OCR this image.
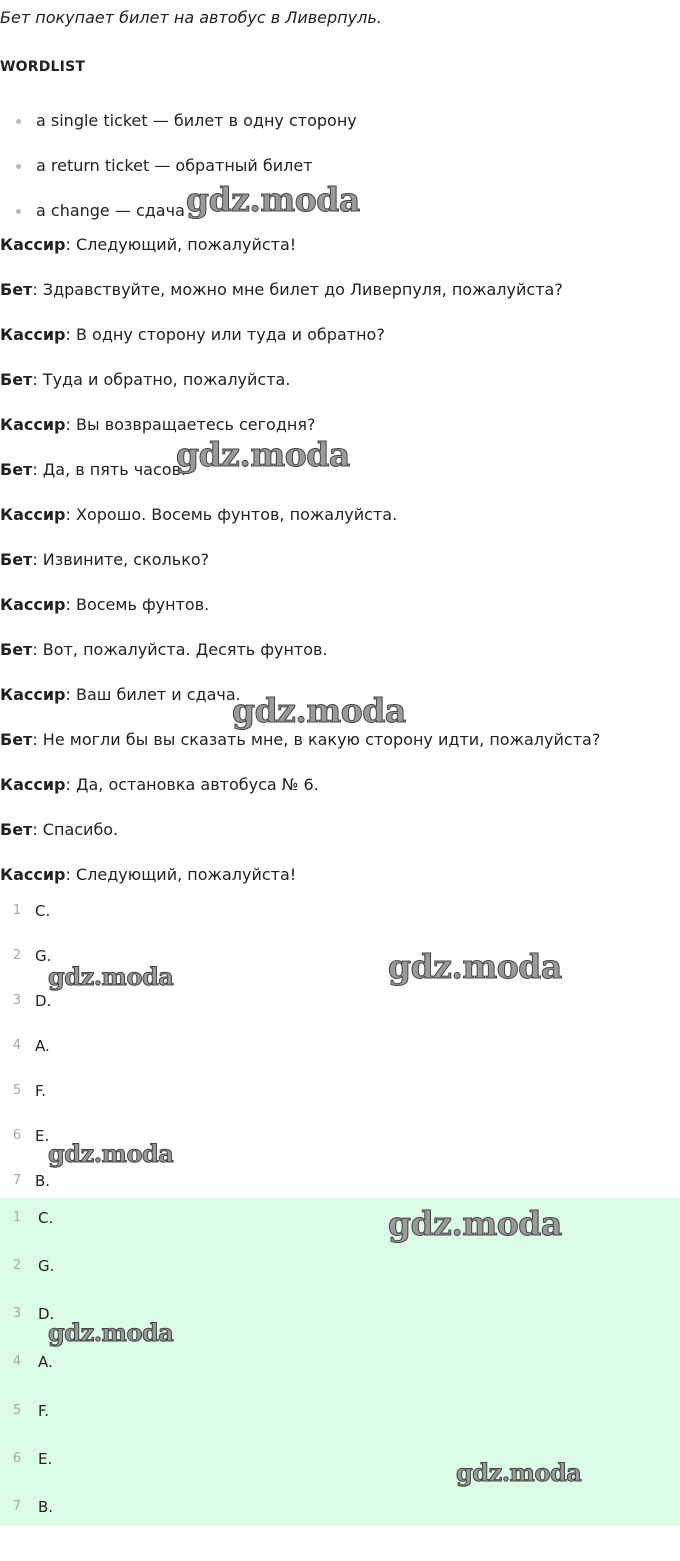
Бет покупает билет на автобус в Ливерпуль.
WORDLIST
a single ticket — билет в одну сторону
a return ticket — обратный билет
a change — сдача
Кассир: Следующий, пожалуйста!
Бет: Здравствуйте, можно мне билет до Ливерпуля, пожалуйста?
Кассир: В одну сторону или туда и обратно?
Бет: Туда и обратно, пожалуйста.
Кассир: Вы возвращаетесь сегодня?
Бет: Да, в пять часов.
Кассир: Хорошо. Восемь фунтов, пожалуйста.
Бет: Извините, сколько?
Кассир: Восемь фунтов.
Бет: Вот, пожалуйста. Десять фунтов.
Кассир: Ваш билет и сдача.
Бет: Не могли бы вы сказать мне, в какую сторону идти, пожалуйста?
Кассир: Да, остановка автобуса № 6.
Бет: Спасибо.
Кассир: Следующий, пожалуйста!
1 C.
2 G.
3 D.
4 A.
5 F.
6 E.
7 B.
1	C.
2	G.
3	D.
4	A.
5	F.
6	E.
7	B.
gdz.moda
gdz.moda
gdz.moda
gdz.moda
gdz.moda
gdz.moda
gdz.moda
gdz.moda
gdz.moda
